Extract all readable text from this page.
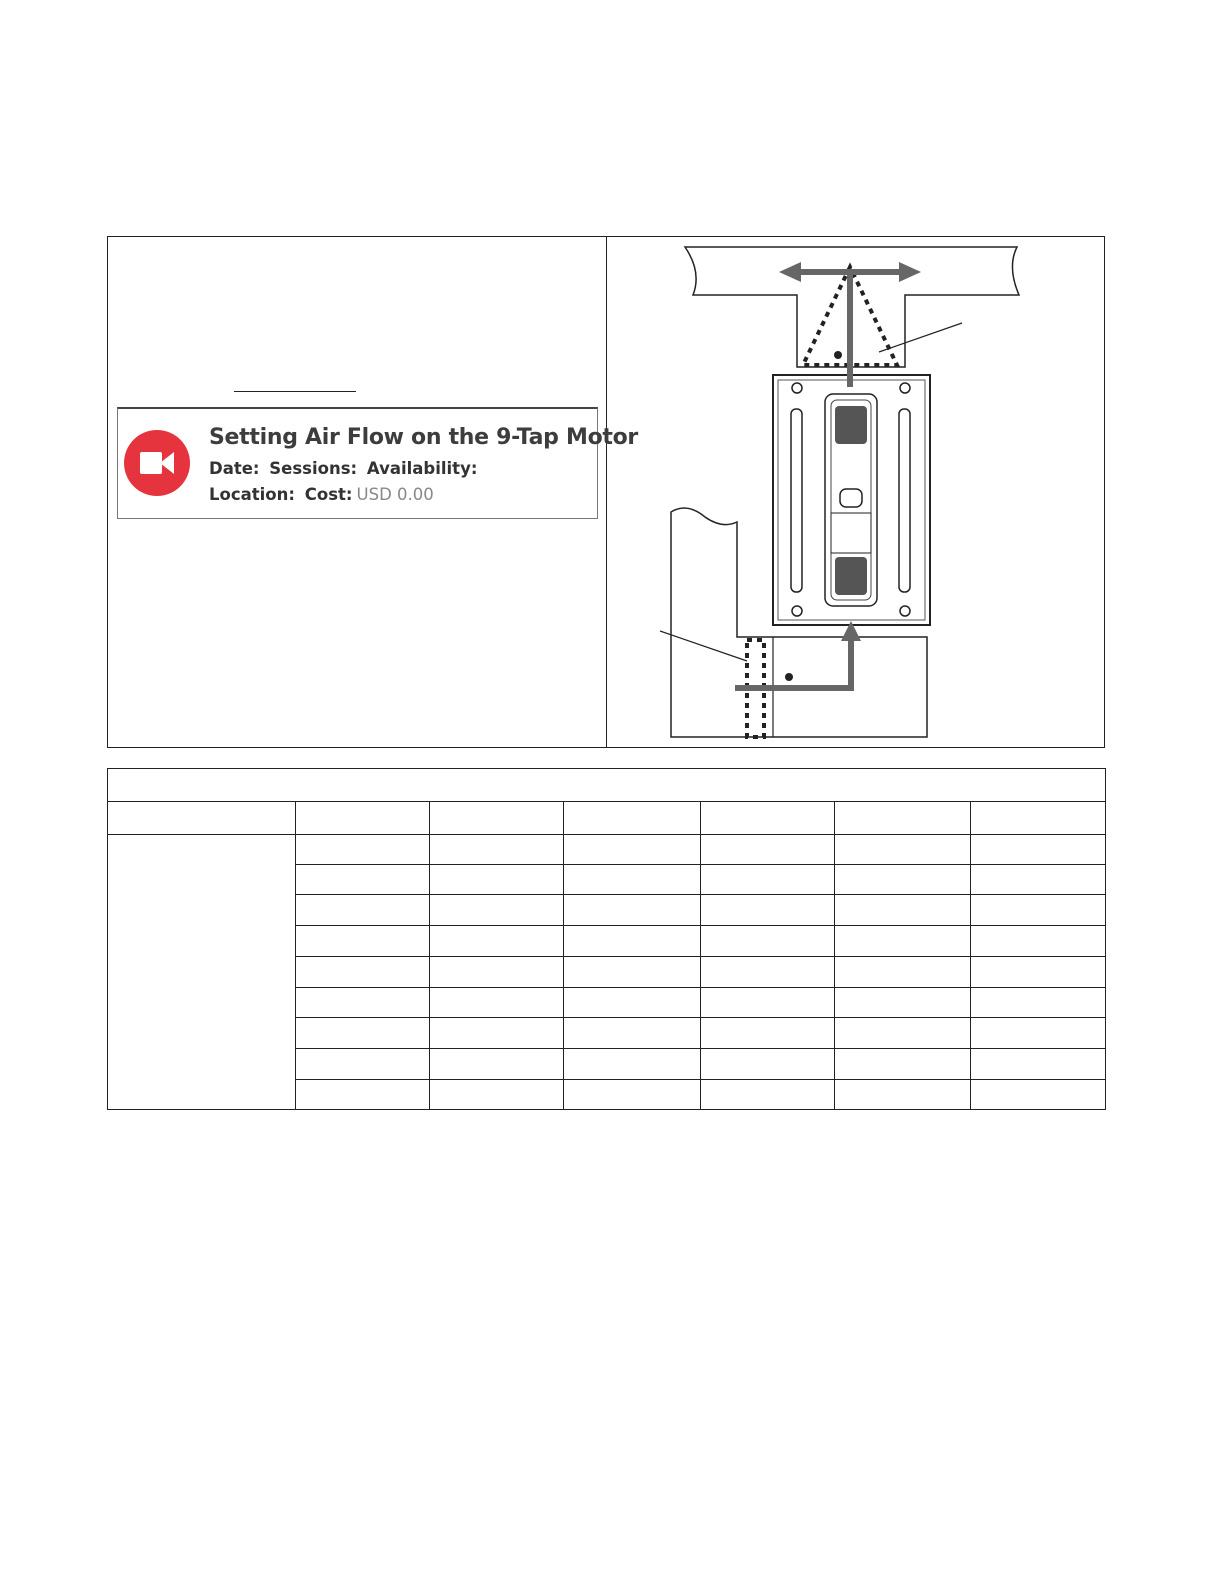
Setting Air Flow on the 9-Tap Motor
Date: Sessions: Availability:
Location: Cost: USD 0.00
